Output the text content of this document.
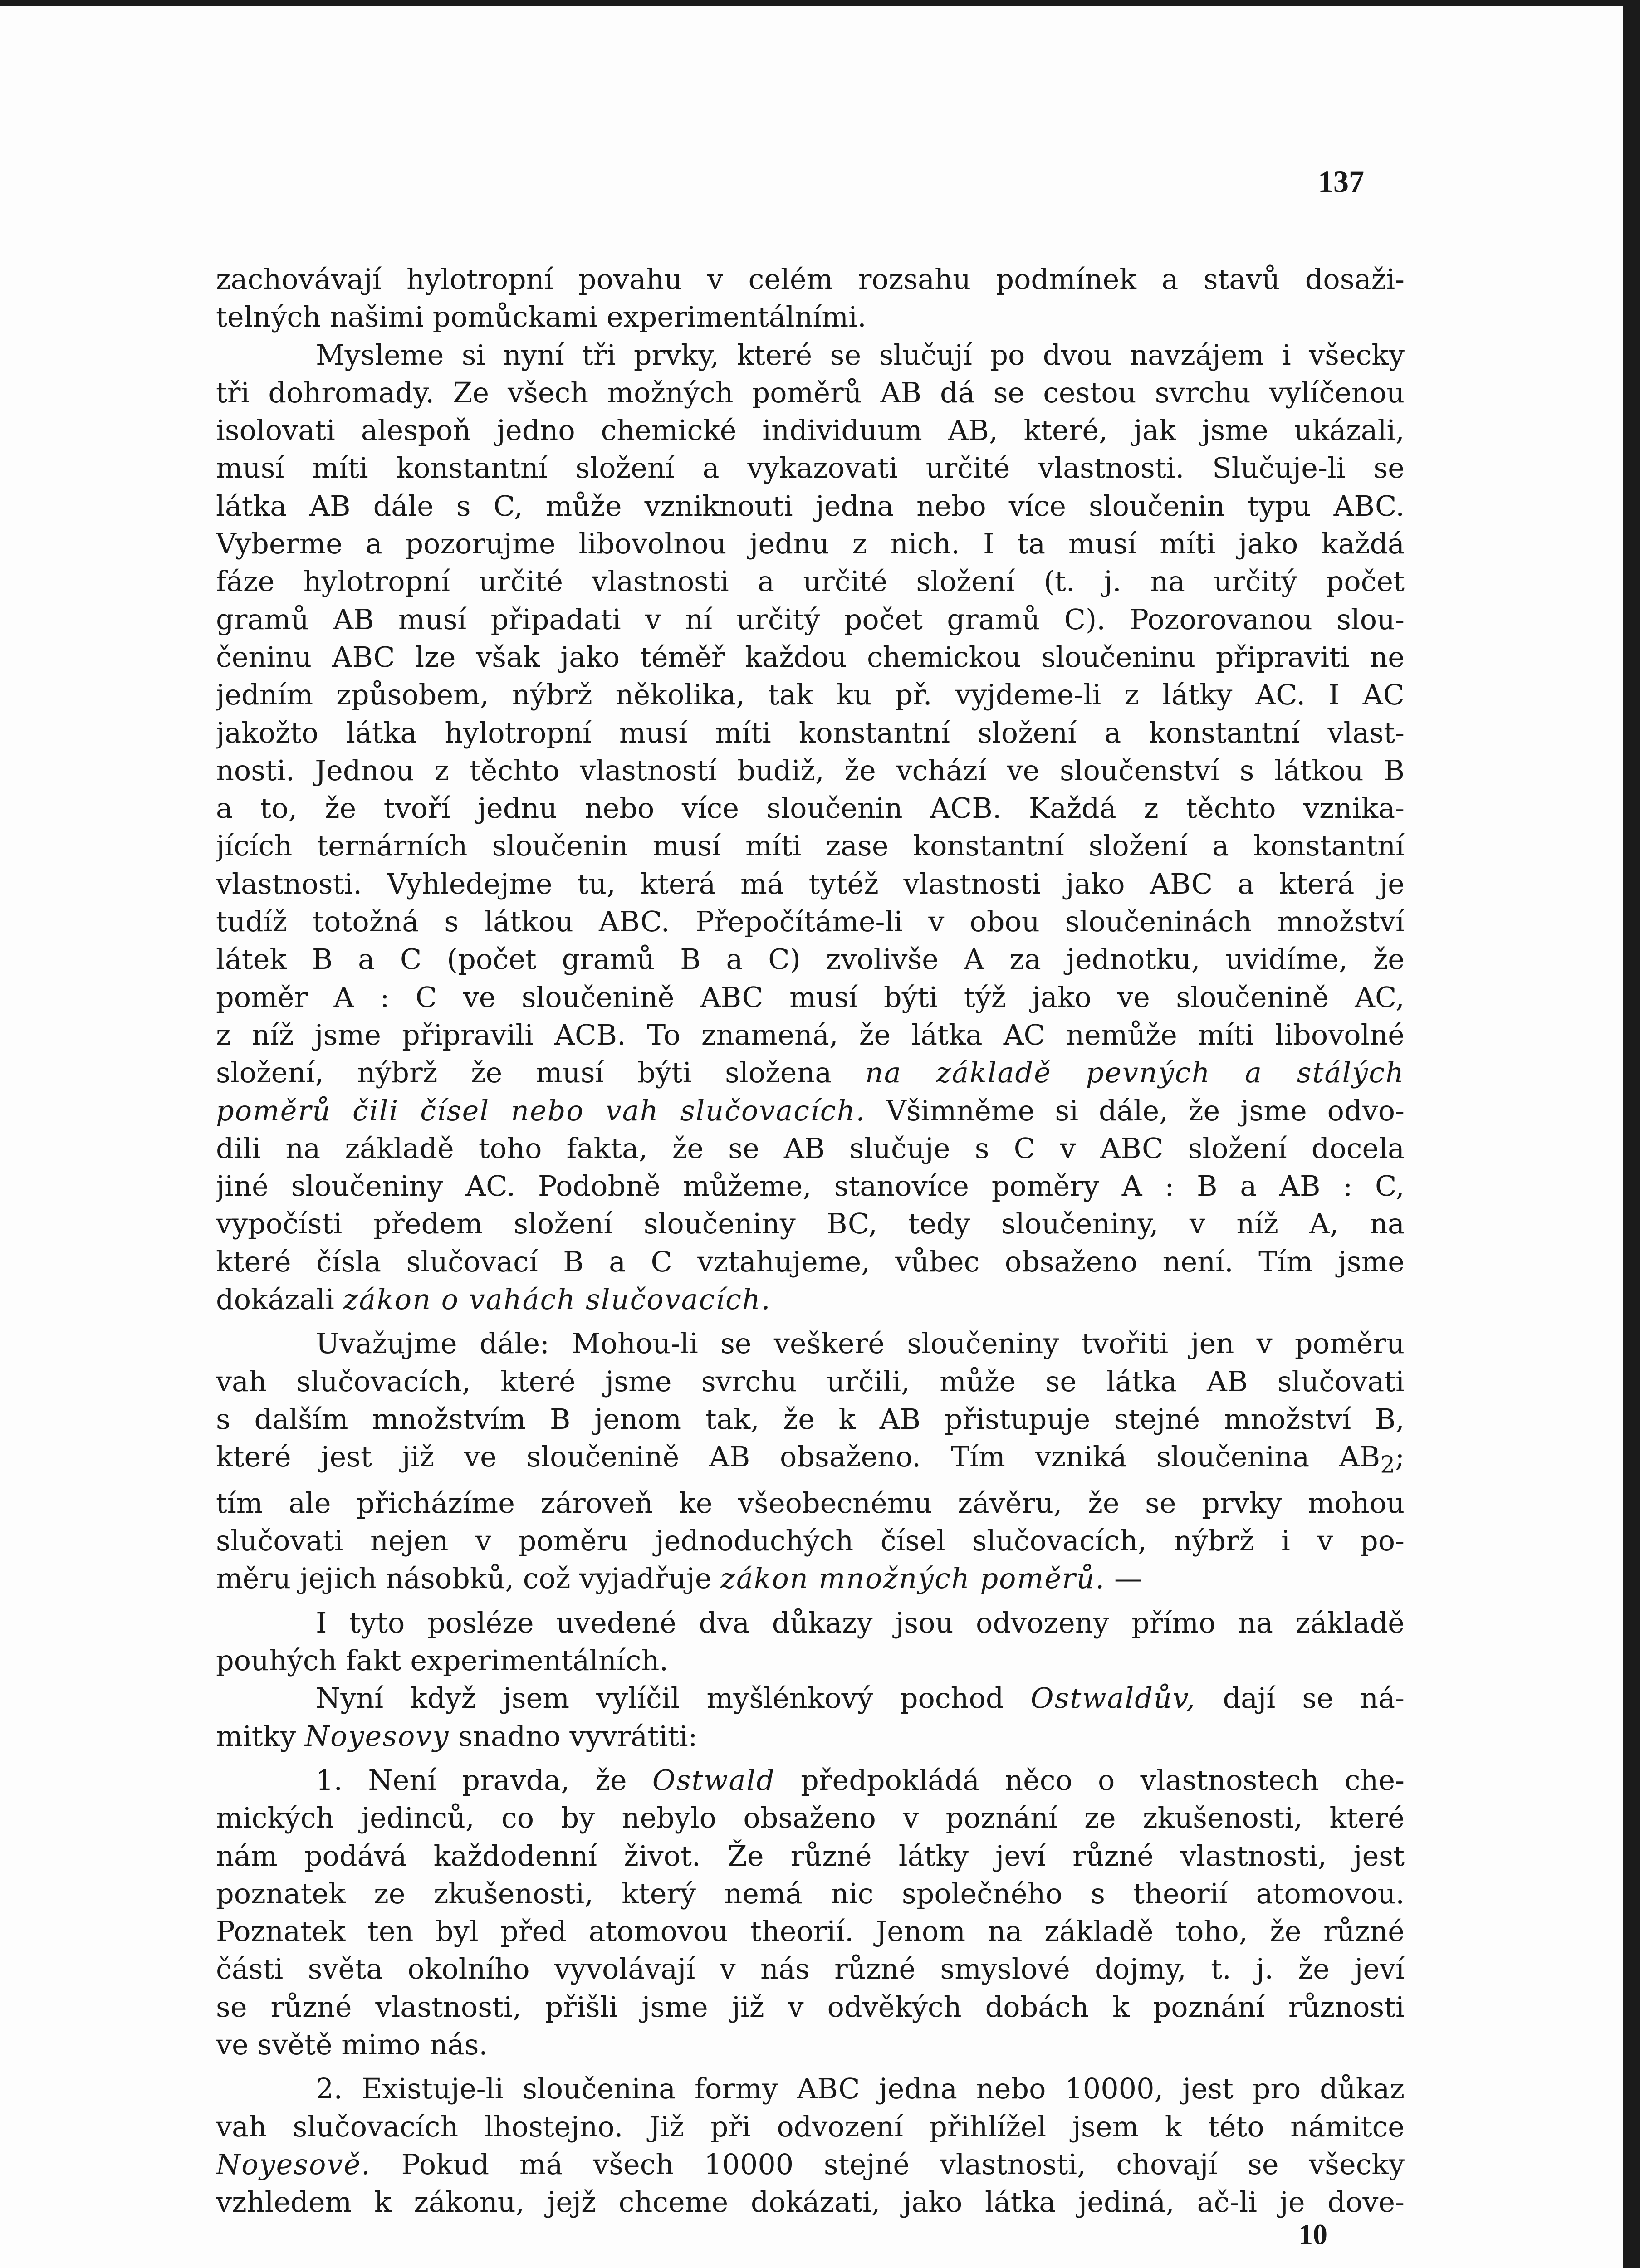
137
zachovávají hylotropní povahu v celém rozsahu podmínek a stavů dosaži-
telných našimi pomůckami experimentálními.
Mysleme si nyní tři prvky, které se slučují po dvou navzájem i všecky
tři dohromady. Ze všech možných poměrů AB dá se cestou svrchu vylíčenou
isolovati alespoň jedno chemické individuum AB, které, jak jsme ukázali,
musí míti konstantní složení a vykazovati určité vlastnosti. Slučuje-li se
látka AB dále s C, může vzniknouti jedna nebo více sloučenin typu ABC.
Vyberme a pozorujme libovolnou jednu z nich. I ta musí míti jako každá
fáze hylotropní určité vlastnosti a určité složení (t. j. na určitý počet
gramů AB musí připadati v ní určitý počet gramů C). Pozorovanou slou-
čeninu ABC lze však jako téměř každou chemickou sloučeninu připraviti ne
jedním způsobem, nýbrž několika, tak ku př. vyjdeme-li z látky AC. I AC
jakožto látka hylotropní musí míti konstantní složení a konstantní vlast-
nosti. Jednou z těchto vlastností budiž, že vchází ve sloučenství s látkou B
a to, že tvoří jednu nebo více sloučenin ACB. Každá z těchto vznika-
jících ternárních sloučenin musí míti zase konstantní složení a konstantní
vlastnosti. Vyhledejme tu, která má tytéž vlastnosti jako ABC a která je
tudíž totožná s látkou ABC. Přepočítáme-li v obou sloučeninách množství
látek B a C (počet gramů B a C) zvolivše A za jednotku, uvidíme, že
poměr A : C ve sloučenině ABC musí býti týž jako ve sloučenině AC,
z níž jsme připravili ACB. To znamená, že látka AC nemůže míti libovolné
složení, nýbrž že musí býti složena na základě pevných a stálých
poměrů čili čísel nebo vah slučovacích. Všimněme si dále, že jsme odvo-
dili na základě toho fakta, že se AB slučuje s C v ABC složení docela
jiné sloučeniny AC. Podobně můžeme, stanovíce poměry A : B a AB : C,
vypočísti předem složení sloučeniny BC, tedy sloučeniny, v níž A, na
které čísla slučovací B a C vztahujeme, vůbec obsaženo není. Tím jsme
dokázali zákon o vahách slučovacích.
Uvažujme dále: Mohou-li se veškeré sloučeniny tvořiti jen v poměru
vah slučovacích, které jsme svrchu určili, může se látka AB slučovati
s dalším množstvím B jenom tak, že k AB přistupuje stejné množství B,
které jest již ve sloučenině AB obsaženo. Tím vzniká sloučenina $AB_2$;
tím ale přicházíme zároveň ke všeobecnému závěru, že se prvky mohou
slučovati nejen v poměru jednoduchých čísel slučovacích, nýbrž i v po-
měru jejich násobků, což vyjadřuje zákon množných poměrů. —
I tyto posléze uvedené dva důkazy jsou odvozeny přímo na základě
pouhých fakt experimentálních.
Nyní když jsem vylíčil myšlénkový pochod Ostwaldův, dají se ná-
mitky Noyesovy snadno vyvrátiti:
1. Není pravda, že Ostwald předpokládá něco o vlastnostech che-
mických jedinců, co by nebylo obsaženo v poznání ze zkušenosti, které
nám podává každodenní život. Že různé látky jeví různé vlastnosti, jest
poznatek ze zkušenosti, který nemá nic společného s theorií atomovou.
Poznatek ten byl před atomovou theorií. Jenom na základě toho, že různé
části světa okolního vyvolávají v nás různé smyslové dojmy, t. j. že jeví
se různé vlastnosti, přišli jsme již v odvěkých dobách k poznání různosti
ve světě mimo nás.
2. Existuje-li sloučenina formy ABC jedna nebo 10000, jest pro důkaz
vah slučovacích lhostejno. Již při odvození přihlížel jsem k této námitce
Noyesově. Pokud má všech 10000 stejné vlastnosti, chovají se všecky
vzhledem k zákonu, jejž chceme dokázati, jako látka jediná, ač-li je dove-
10
